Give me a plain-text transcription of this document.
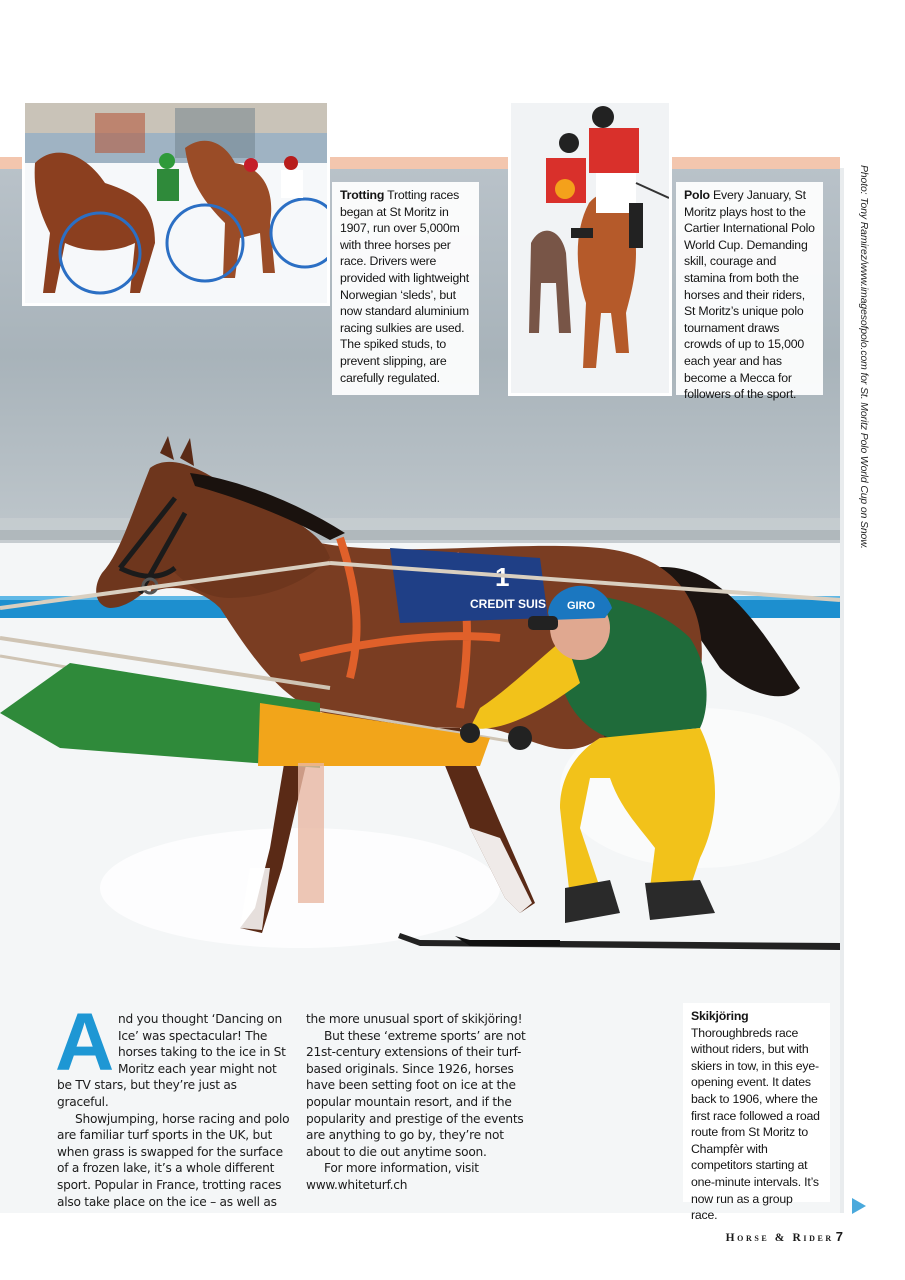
CREDIT SUIS GIRO
Trotting Trotting races began at St Moritz in 1907, run over 5,000m with three horses per race. Drivers were provided with lightweight Norwegian ‘sleds’, but now standard aluminium racing sulkies are used. The spiked studs, to prevent slipping, are carefully regulated.
Polo Every January, St Moritz plays host to the Cartier International Polo World Cup. Demanding skill, courage and stamina from both the horses and their riders, St Moritz’s unique polo tournament draws crowds of up to 15,000 each year and has become a Mecca for followers of the sport.
Skikjöring Thoroughbreds race without riders, but with skiers in tow, in this eye-opening event. It dates back to 1906, where the first race followed a road route from St Moritz to Champfèr with competitors starting at one-minute intervals. It’s now run as a group race.
Photo: Tony Ramirez/www.imagesofpolo.com for St. Moritz Polo World Cup on Snow.

And you thought ‘Dancing on Ice’ was spectacular! The horses taking to the ice in St Moritz each year might not be TV stars, but they’re just as graceful.

Showjumping, horse racing and polo are familiar turf sports in the UK, but when grass is swapped for the surface of a frozen lake, it’s a whole different sport. Popular in France, trotting races also take place on the ice – as well as

the more unusual sport of skikjöring!

But these ‘extreme sports’ are not 21st-century extensions of their turf-based originals. Since 1926, horses have been setting foot on ice at the popular mountain resort, and if the popularity and prestige of the events are anything to go by, they’re not about to die out anytime soon.

For more information, visit www.whiteturf.ch

Horse & Rider 7
